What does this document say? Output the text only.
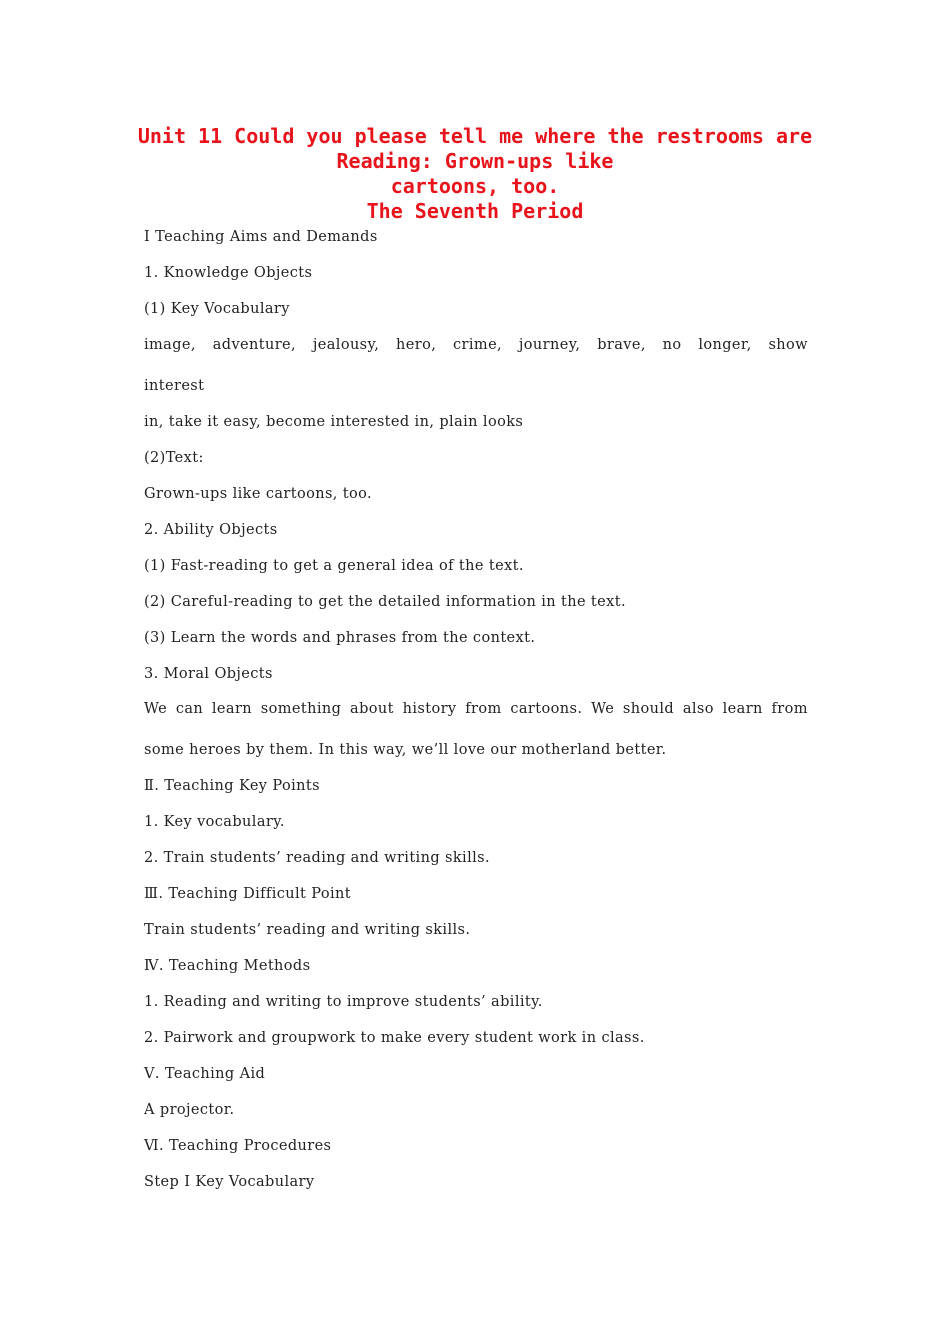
Unit 11 Could you please tell me where the restrooms are
Reading: Grown-ups like
cartoons, too.
The Seventh Period
Ⅰ Teaching Aims and Demands
1. Knowledge Objects
(1) Key Vocabulary
image, adventure, jealousy, hero, crime, journey, brave, no longer, show
interest
in, take it easy, become interested in, plain looks
(2)Text:
Grown-ups like cartoons, too.
2. Ability Objects
(1) Fast-reading to get a general idea of the text.
(2) Careful-reading to get the detailed information in the text.
(3) Learn the words and phrases from the context.
3. Moral Objects
We can learn something about history from cartoons. We should also learn from
some heroes by them. In this way, we’ll love our motherland better.
Ⅱ. Teaching Key Points
1. Key vocabulary.
2. Train students’ reading and writing skills.
Ⅲ. Teaching Difficult Point
Train students’ reading and writing skills.
Ⅳ. Teaching Methods
1. Reading and writing to improve students’ ability.
2. Pairwork and groupwork to make every student work in class.
Ⅴ. Teaching Aid
A projector.
Ⅵ. Teaching Procedures
Step I Key Vocabulary
